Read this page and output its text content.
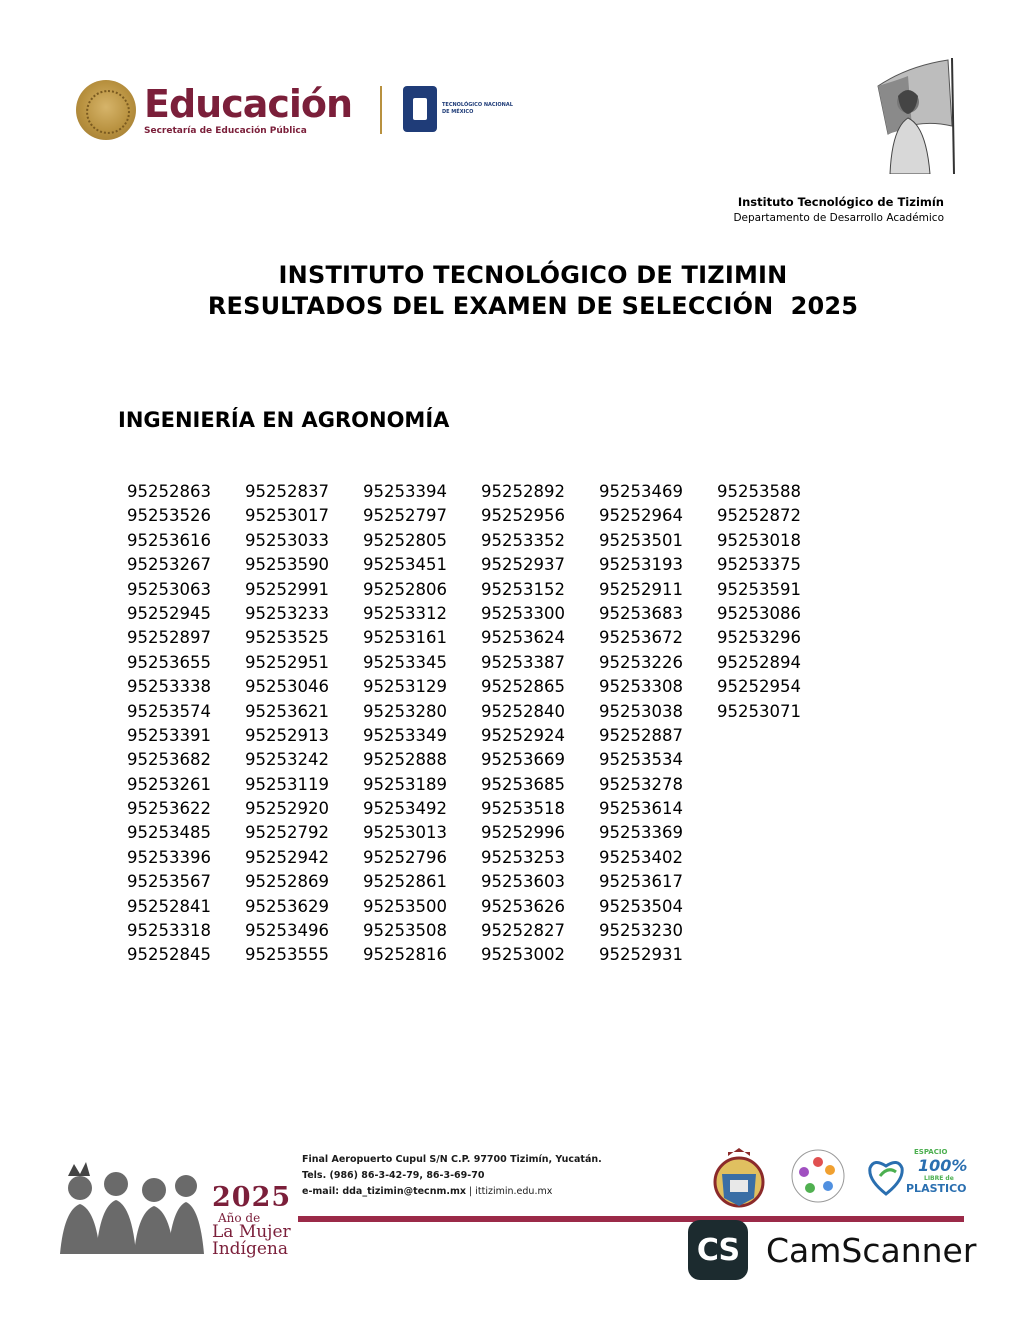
Educación
Secretaría de Educación Pública
TECNOLÓGICO NACIONAL DE MÉXICO
Instituto Tecnológico de Tizimín
Departamento de Desarrollo Académico
INSTITUTO TECNOLÓGICO DE TIZIMIN
RESULTADOS DEL EXAMEN DE SELECCIÓN  2025
INGENIERÍA EN AGRONOMÍA
95252863
95253526
95253616
95253267
95253063
95252945
95252897
95253655
95253338
95253574
95253391
95253682
95253261
95253622
95253485
95253396
95253567
95252841
95253318
95252845
95252837
95253017
95253033
95253590
95252991
95253233
95253525
95252951
95253046
95253621
95252913
95253242
95253119
95252920
95252792
95252942
95252869
95253629
95253496
95253555
95253394
95252797
95252805
95253451
95252806
95253312
95253161
95253345
95253129
95253280
95253349
95252888
95253189
95253492
95253013
95252796
95252861
95253500
95253508
95252816
95252892
95252956
95253352
95252937
95253152
95253300
95253624
95253387
95252865
95252840
95252924
95253669
95253685
95253518
95252996
95253253
95253603
95253626
95252827
95253002
95253469
95252964
95253501
95253193
95252911
95253683
95253672
95253226
95253308
95253038
95252887
95253534
95253278
95253614
95253369
95253402
95253617
95253504
95253230
95252931
95253588
95252872
95253018
95253375
95253591
95253086
95253296
95252894
95252954
95253071
2025
Año de
La Mujer
Indígena
Final Aeropuerto Cupul S/N C.P. 97700 Tizimín, Yucatán.
Tels. (986) 86-3-42-79, 86-3-69-70
e-mail: dda_tizimin@tecnm.mx | ittizimin.edu.mx
ESPACIO
100%
LIBRE de
PLASTICO
CS CamScanner
